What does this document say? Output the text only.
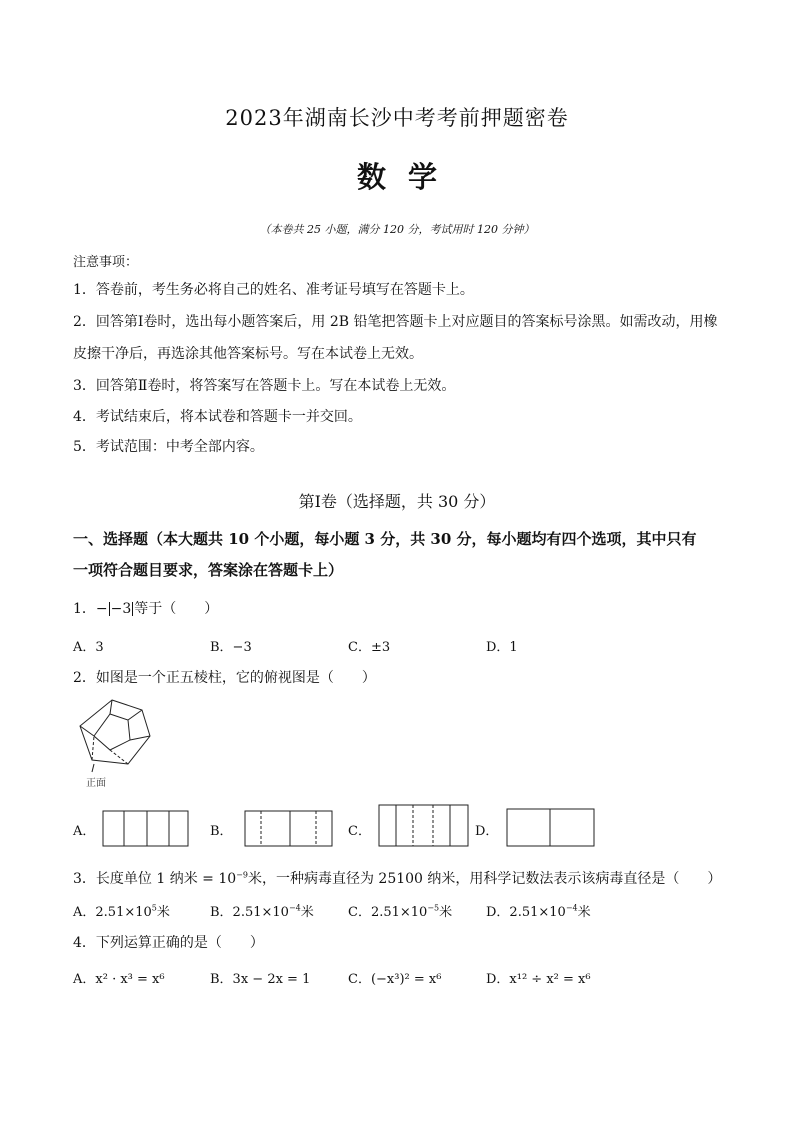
2023年湖南长沙中考考前押题密卷
数学
（本卷共 25 小题，满分 120 分，考试用时 120 分钟）
注意事项：
1．答卷前，考生务必将自己的姓名、准考证号填写在答题卡上。
2．回答第Ⅰ卷时，选出每小题答案后，用 2B 铅笔把答题卡上对应题目的答案标号涂黑。如需改动，用橡
皮擦干净后，再选涂其他答案标号。写在本试卷上无效。
3．回答第Ⅱ卷时，将答案写在答题卡上。写在本试卷上无效。
4．考试结束后，将本试卷和答题卡一并交回。
5．考试范围：中考全部内容。
第Ⅰ卷（选择题，共 30 分）
一、选择题（本大题共 10 个小题，每小题 3 分，共 30 分，每小题均有四个选项，其中只有
一项符合题目要求，答案涂在答题卡上）
1．− −3 等于（　　）
A．3	B．−3	C．±3	D．1
2．如图是一个正五棱柱，它的俯视图是（　　）
正面
A．	B．	C．	D．
3．长度单位 1 纳米 = $10^{-9}$米，一种病毒直径为 25100 纳米，用科学记数法表示该病毒直径是（　　）
A．$2.51\times 10^5$米	B．$2.51\times 10^{-4}$米	C．$2.51\times 10^{-5}$米	D．$2.51\times 10^{-4}$米
4．下列运算正确的是（　　）
A．x² · x³ = x⁶	B．3x − 2x = 1	C．(−x³)² = x⁶	D．x¹² ÷ x² = x⁶
